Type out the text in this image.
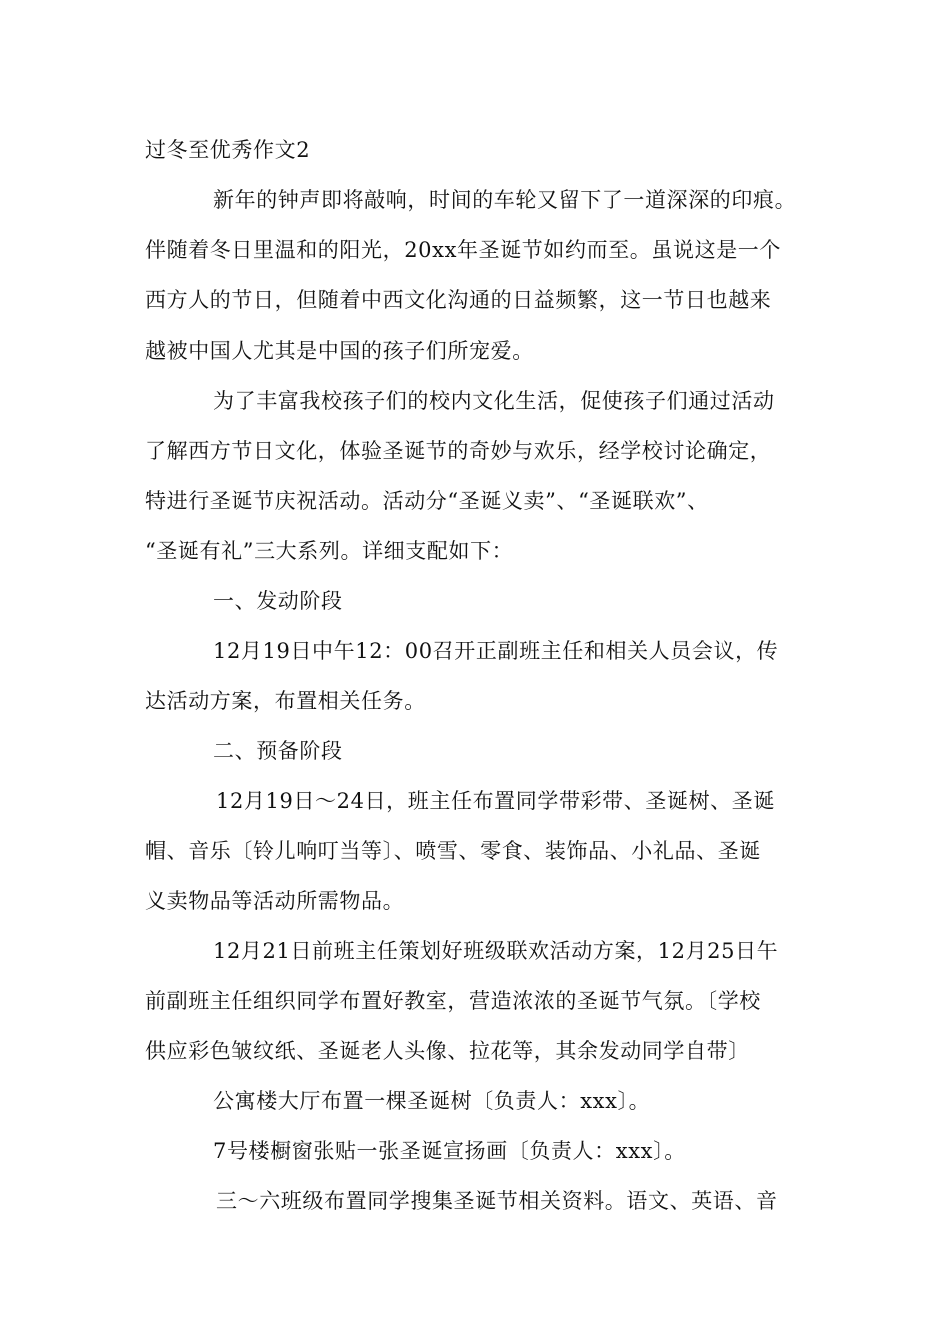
过冬至优秀作文2
新年的钟声即将敲响，时间的车轮又留下了一道深深的印痕。
伴随着冬日里温和的阳光，20xx年圣诞节如约而至。虽说这是一个
西方人的节日，但随着中西文化沟通的日益频繁，这一节日也越来
越被中国人尤其是中国的孩子们所宠爱。
为了丰富我校孩子们的校内文化生活，促使孩子们通过活动
了解西方节日文化，体验圣诞节的奇妙与欢乐，经学校讨论确定，
特进行圣诞节庆祝活动。活动分“圣诞义卖”、“圣诞联欢”、
“圣诞有礼”三大系列。详细支配如下：
一、发动阶段
12月19日中午12：00召开正副班主任和相关人员会议，传
达活动方案，布置相关任务。
二、预备阶段
12月19日～24日，班主任布置同学带彩带、圣诞树、圣诞
帽、音乐〔铃儿响叮当等〕、喷雪、零食、装饰品、小礼品、圣诞
义卖物品等活动所需物品。
12月21日前班主任策划好班级联欢活动方案，12月25日午
前副班主任组织同学布置好教室，营造浓浓的圣诞节气氛。〔学校
供应彩色皱纹纸、圣诞老人头像、拉花等，其余发动同学自带〕
公寓楼大厅布置一棵圣诞树〔负责人：xxx〕。
7号楼橱窗张贴一张圣诞宣扬画〔负责人：xxx〕。
三～六班级布置同学搜集圣诞节相关资料。语文、英语、音
